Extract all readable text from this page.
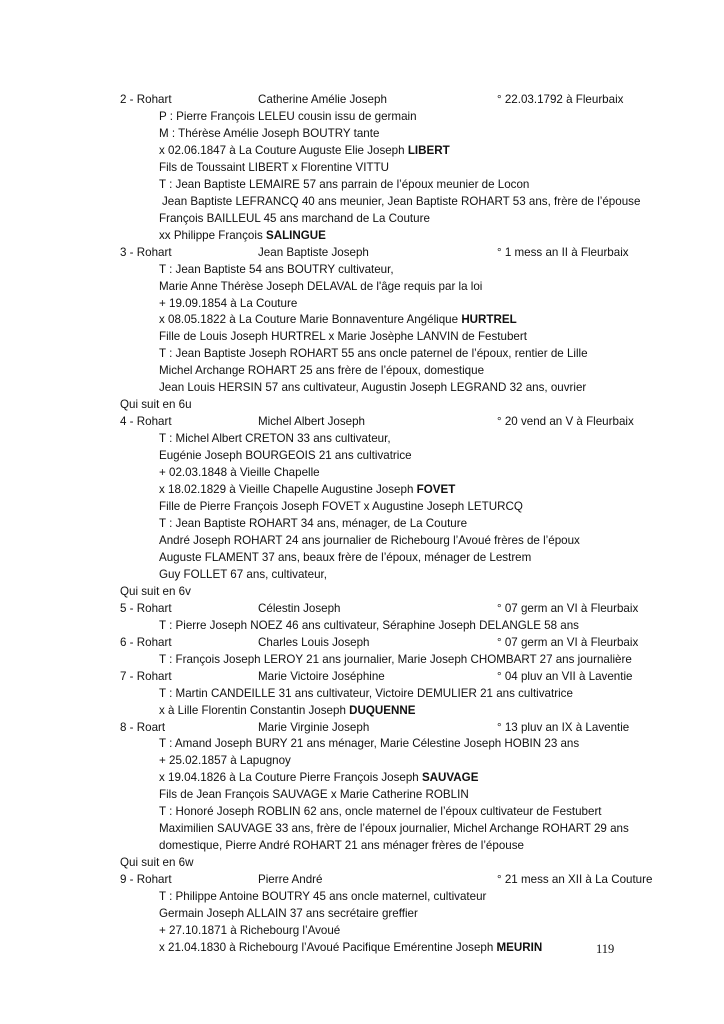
2 - Rohart	Catherine Amélie Joseph	° 22.03.1792 à Fleurbaix
P : Pierre François LELEU cousin issu de germain
M : Thérèse Amélie Joseph BOUTRY tante
x 02.06.1847 à La Couture Auguste Elie Joseph LIBERT
Fils de Toussaint LIBERT x Florentine VITTU
T : Jean Baptiste LEMAIRE 57 ans parrain de l’époux meunier de Locon
Jean Baptiste LEFRANCQ 40 ans meunier, Jean Baptiste ROHART 53 ans, frère de l’épouse
François BAILLEUL 45 ans marchand de La Couture
xx Philippe François SALINGUE
3 - Rohart	Jean Baptiste Joseph	° 1 mess an II à Fleurbaix
T : Jean Baptiste 54 ans BOUTRY cultivateur,
Marie Anne Thérèse Joseph DELAVAL de l'âge requis par la loi
+ 19.09.1854 à La Couture
x 08.05.1822 à La Couture Marie Bonnaventure Angélique HURTREL
Fille de Louis Joseph HURTREL x Marie Josèphe LANVIN de Festubert
T : Jean Baptiste Joseph ROHART 55 ans oncle paternel de l’époux, rentier de Lille
Michel Archange ROHART 25 ans frère de l’époux, domestique
Jean Louis HERSIN 57 ans cultivateur, Augustin Joseph LEGRAND 32 ans, ouvrier
Qui suit en 6u
4 - Rohart	Michel Albert Joseph	° 20 vend an V à Fleurbaix
T : Michel Albert CRETON 33 ans cultivateur,
Eugénie Joseph BOURGEOIS 21 ans cultivatrice
+ 02.03.1848 à Vieille Chapelle
x 18.02.1829 à Vieille Chapelle Augustine Joseph FOVET
Fille de Pierre François Joseph FOVET x Augustine Joseph LETURCQ
T : Jean Baptiste ROHART 34 ans, ménager, de La Couture
André Joseph ROHART 24 ans journalier de Richebourg l’Avoué frères de l’époux
Auguste FLAMENT 37 ans, beaux frère de l’époux, ménager de Lestrem
Guy FOLLET 67 ans, cultivateur,
Qui suit en 6v
5 - Rohart	Célestin Joseph	° 07 germ an VI à Fleurbaix
T : Pierre Joseph NOEZ 46 ans cultivateur, Séraphine Joseph DELANGLE 58 ans
6 - Rohart	Charles Louis Joseph	° 07 germ an VI à Fleurbaix
T : François Joseph LEROY 21 ans journalier, Marie Joseph CHOMBART 27 ans journalière
7 - Rohart	Marie Victoire Joséphine	° 04 pluv an VII à Laventie
T : Martin CANDEILLE 31 ans cultivateur, Victoire DEMULIER 21 ans cultivatrice
x à Lille Florentin Constantin Joseph DUQUENNE
8 - Roart	Marie Virginie Joseph	° 13 pluv an IX à Laventie
T : Amand Joseph BURY 21 ans ménager, Marie Célestine Joseph HOBIN 23 ans
+ 25.02.1857 à Lapugnoy
x 19.04.1826 à La Couture Pierre François Joseph SAUVAGE
Fils de Jean François SAUVAGE x Marie Catherine ROBLIN
T : Honoré Joseph ROBLIN 62 ans, oncle maternel de l’époux cultivateur de Festubert
Maximilien SAUVAGE 33 ans, frère de l’époux journalier, Michel Archange ROHART 29 ans
domestique, Pierre André ROHART 21 ans ménager frères de l’épouse
Qui suit en 6w
9 - Rohart	Pierre André	° 21 mess an XII à La Couture
T : Philippe Antoine BOUTRY 45 ans oncle maternel, cultivateur
Germain Joseph ALLAIN 37 ans secrétaire greffier
+ 27.10.1871 à Richebourg l’Avoué
x 21.04.1830 à Richebourg l’Avoué Pacifique Emérentine Joseph MEURIN	119
